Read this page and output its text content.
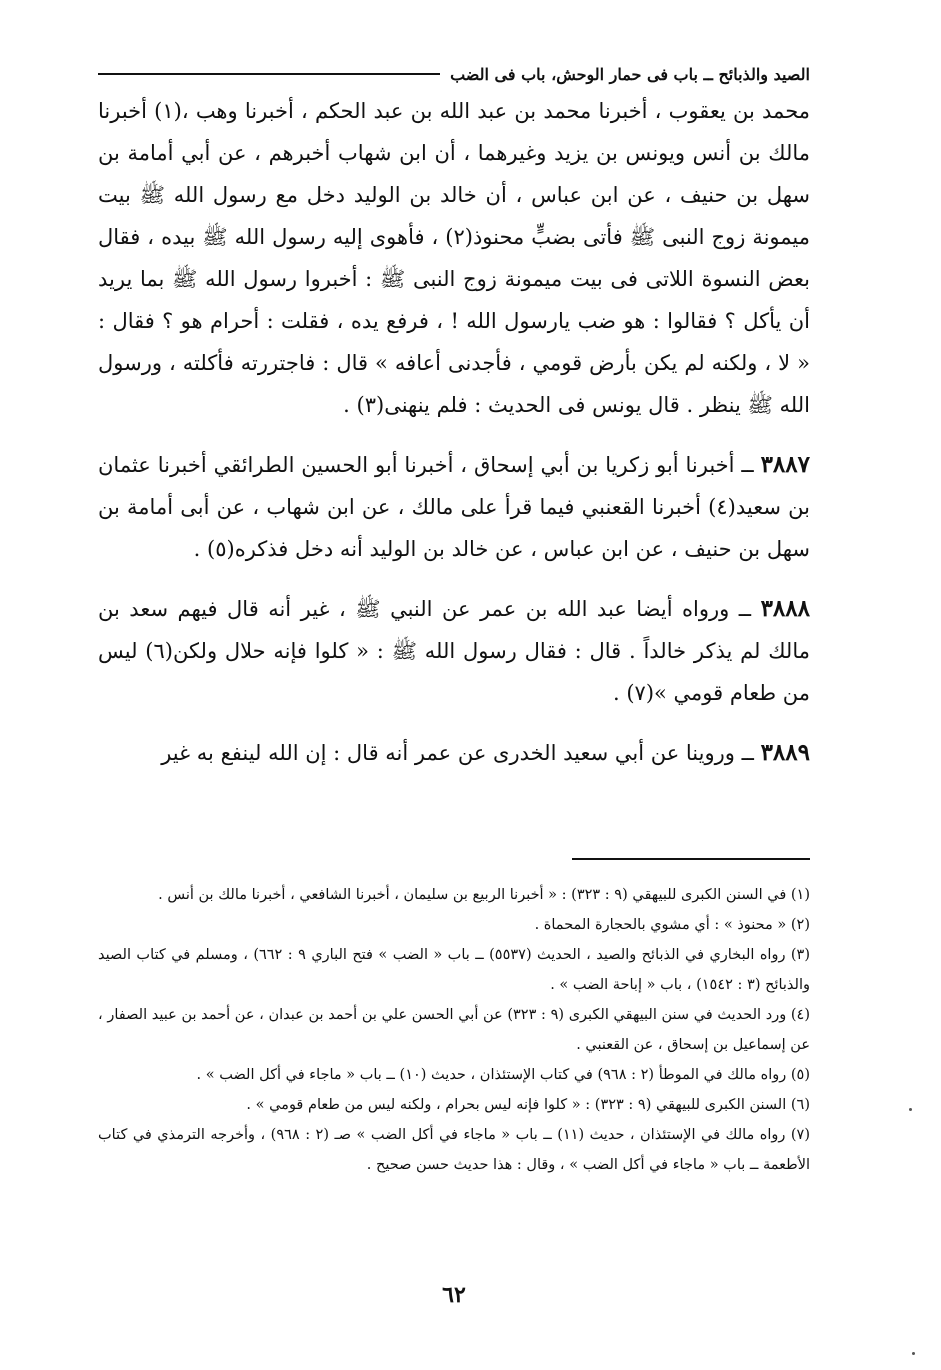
الصيد والذبائح ــ باب فى حمار الوحش، باب فى الضب

محمد بن يعقوب ، أخبرنا محمد بن عبد الله بن عبد الحكم ، أخبرنا وهب ،(١) أخبرنا مالك بن أنس ويونس بن يزيد وغيرهما ، أن ابن شهاب أخبرهم ، عن أبي أمامة بن سهل بن حنيف ، عن ابن عباس ، أن خالد بن الوليد دخل مع رسول الله ﷺ بيت ميمونة زوج النبى ﷺ فأتى بضبٍّ محنوذ(٢) ، فأهوى إليه رسول الله ﷺ بيده ، فقال بعض النسوة اللاتى فى بيت ميمونة زوج النبى ﷺ : أخبروا رسول الله ﷺ بما يريد أن يأكل ؟ فقالوا : هو ضب يارسول الله ! ، فرفع يده ، فقلت : أحرام هو ؟ فقال : « لا ، ولكنه لم يكن بأرض قومي ، فأجدنى أعافه » قال : فاجتررته فأكلته ، ورسول الله ﷺ ينظر . قال يونس فى الحديث : فلم ينهنى(٣) .

٣٨٨٧ ــ أخبرنا أبو زكريا بن أبي إسحاق ، أخبرنا أبو الحسين الطرائقي أخبرنا عثمان بن سعيد(٤) أخبرنا القعنبي فيما قرأ على مالك ، عن ابن شهاب ، عن أبى أمامة بن سهل بن حنيف ، عن ابن عباس ، عن خالد بن الوليد أنه دخل فذكره(٥) .

٣٨٨٨ ــ ورواه أيضا عبد الله بن عمر عن النبي ﷺ ، غير أنه قال فيهم سعد بن مالك لم يذكر خالداً . قال : فقال رسول الله ﷺ : « كلوا فإنه حلال ولكن(٦) ليس من طعام قومي »(٧) .

٣٨٨٩ ــ وروينا عن أبي سعيد الخدرى عن عمر أنه قال : إن الله لينفع به غير

(١) في السنن الكبرى للبيهقي (٩ : ٣٢٣) : « أخبرنا الربيع بن سليمان ، أخبرنا الشافعي ، أخبرنا مالك بن أنس .

(٢) « محنوذ » : أي مشوي بالحجارة المحماة .

(٣) رواه البخاري في الذبائح والصيد ، الحديث (٥٥٣٧) ــ باب « الضب » فتح الباري ٩ : ٦٦٢) ، ومسلم في كتاب الصيد والذبائح (٣ : ١٥٤٢) ، باب « إباحة الضب » .

(٤) ورد الحديث في سنن البيهقي الكبرى (٩ : ٣٢٣) عن أبي الحسن علي بن أحمد بن عبدان ، عن أحمد بن عبيد الصفار ، عن إسماعيل بن إسحاق ، عن القعنبي .

(٥) رواه مالك في الموطأ (٢ : ٩٦٨) في كتاب الإستئذان ، حديث (١٠) ــ باب « ماجاء في أكل الضب » .

(٦) السنن الكبرى للبيهقي (٩ : ٣٢٣) : « كلوا فإنه ليس بحرام ، ولكنه ليس من طعام قومي » .

(٧) رواه مالك في الإستئذان ، حديث (١١) ــ باب « ماجاء في أكل الضب » صـ (٢ : ٩٦٨) ، وأخرجه الترمذي في كتاب الأطعمة ــ باب « ماجاء في أكل الضب » ، وقال : هذا حديث حسن صحيح .

٦٢
